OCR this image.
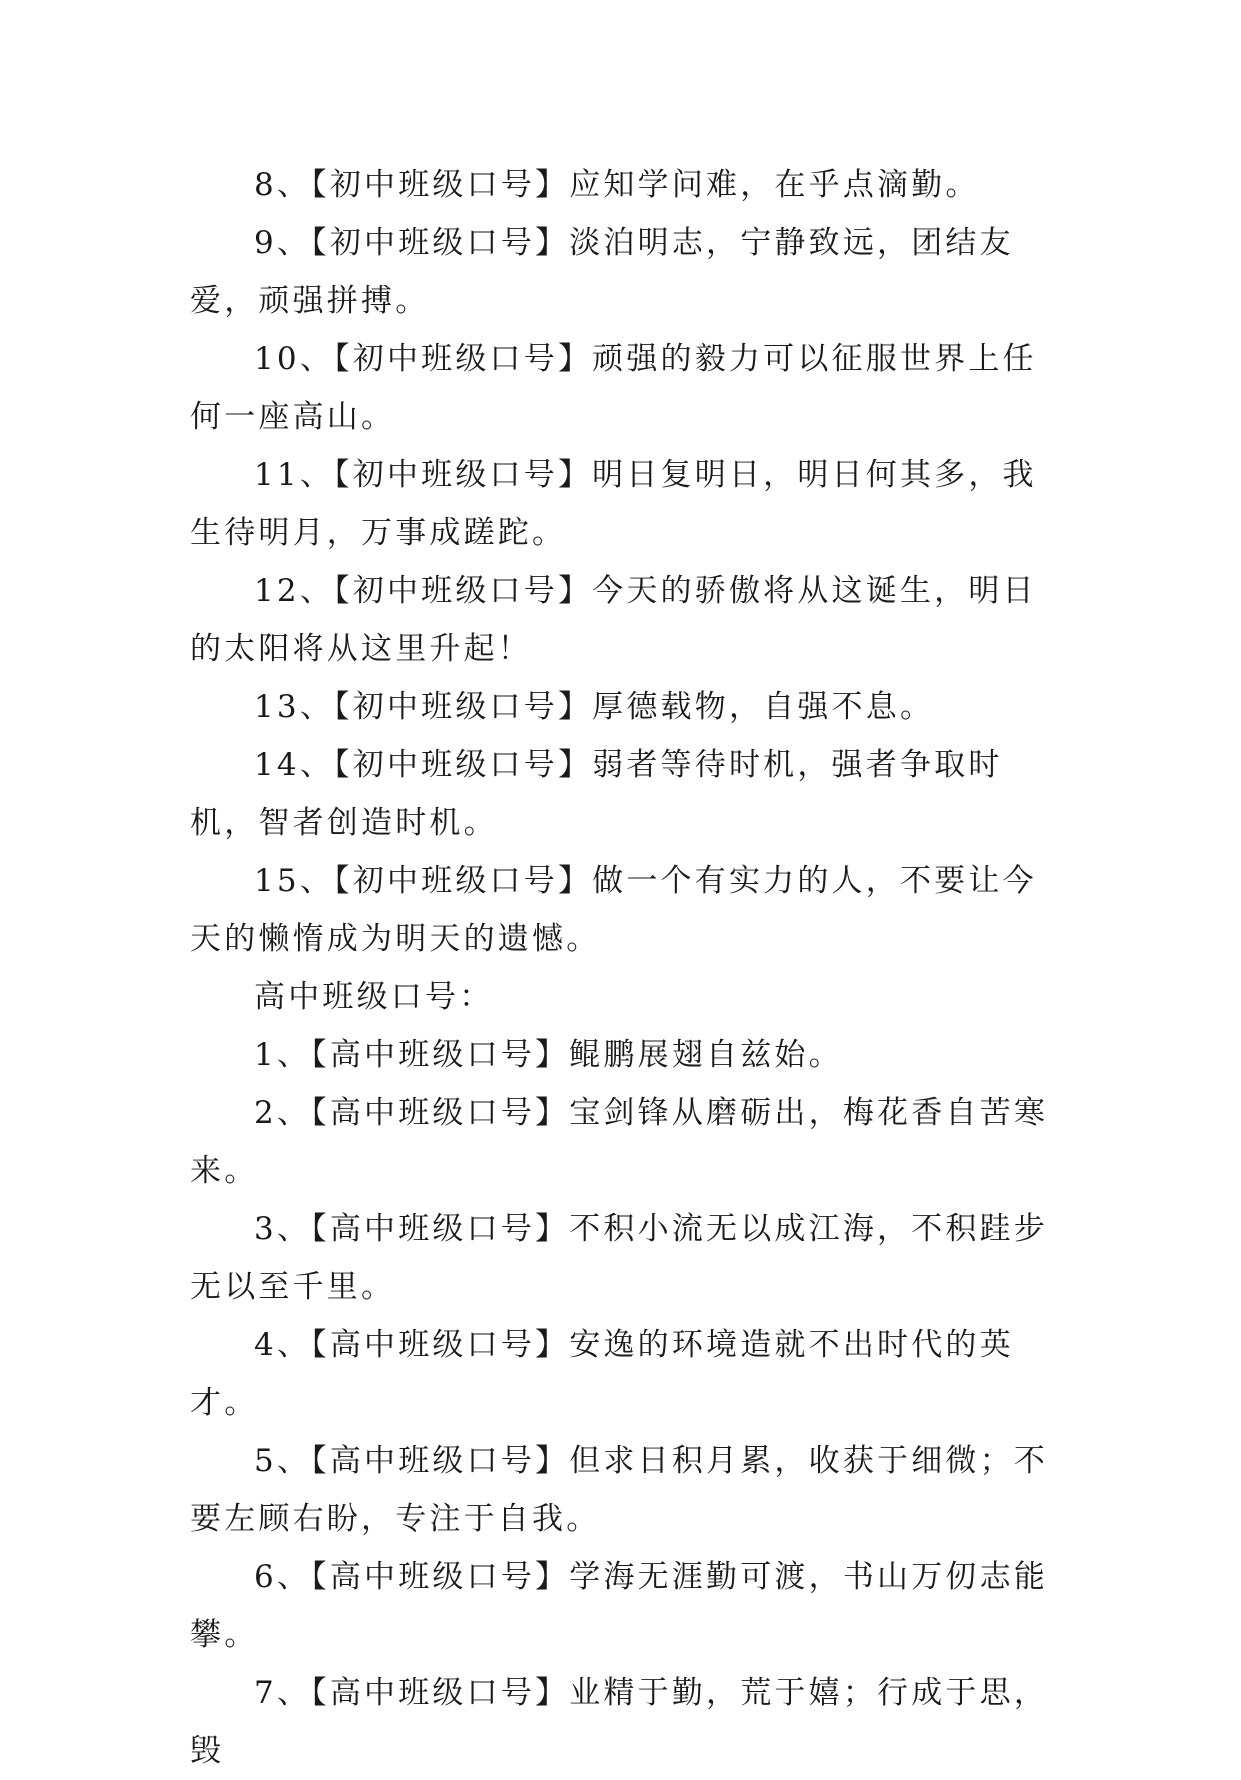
8、【初中班级口号】应知学问难，在乎点滴勤。

9、【初中班级口号】淡泊明志，宁静致远，团结友爱，顽强拼搏。

10、【初中班级口号】顽强的毅力可以征服世界上任何一座高山。

11、【初中班级口号】明日复明日，明日何其多，我生待明月，万事成蹉跎。

12、【初中班级口号】今天的骄傲将从这诞生，明日的太阳将从这里升起！

13、【初中班级口号】厚德载物，自强不息。

14、【初中班级口号】弱者等待时机，强者争取时机，智者创造时机。

15、【初中班级口号】做一个有实力的人，不要让今天的懒惰成为明天的遗憾。

高中班级口号：

1、【高中班级口号】鲲鹏展翅自兹始。

2、【高中班级口号】宝剑锋从磨砺出，梅花香自苦寒来。

3、【高中班级口号】不积小流无以成江海，不积跬步无以至千里。

4、【高中班级口号】安逸的环境造就不出时代的英才。

5、【高中班级口号】但求日积月累，收获于细微；不要左顾右盼，专注于自我。

6、【高中班级口号】学海无涯勤可渡，书山万仞志能攀。

7、【高中班级口号】业精于勤，荒于嬉；行成于思，毁
